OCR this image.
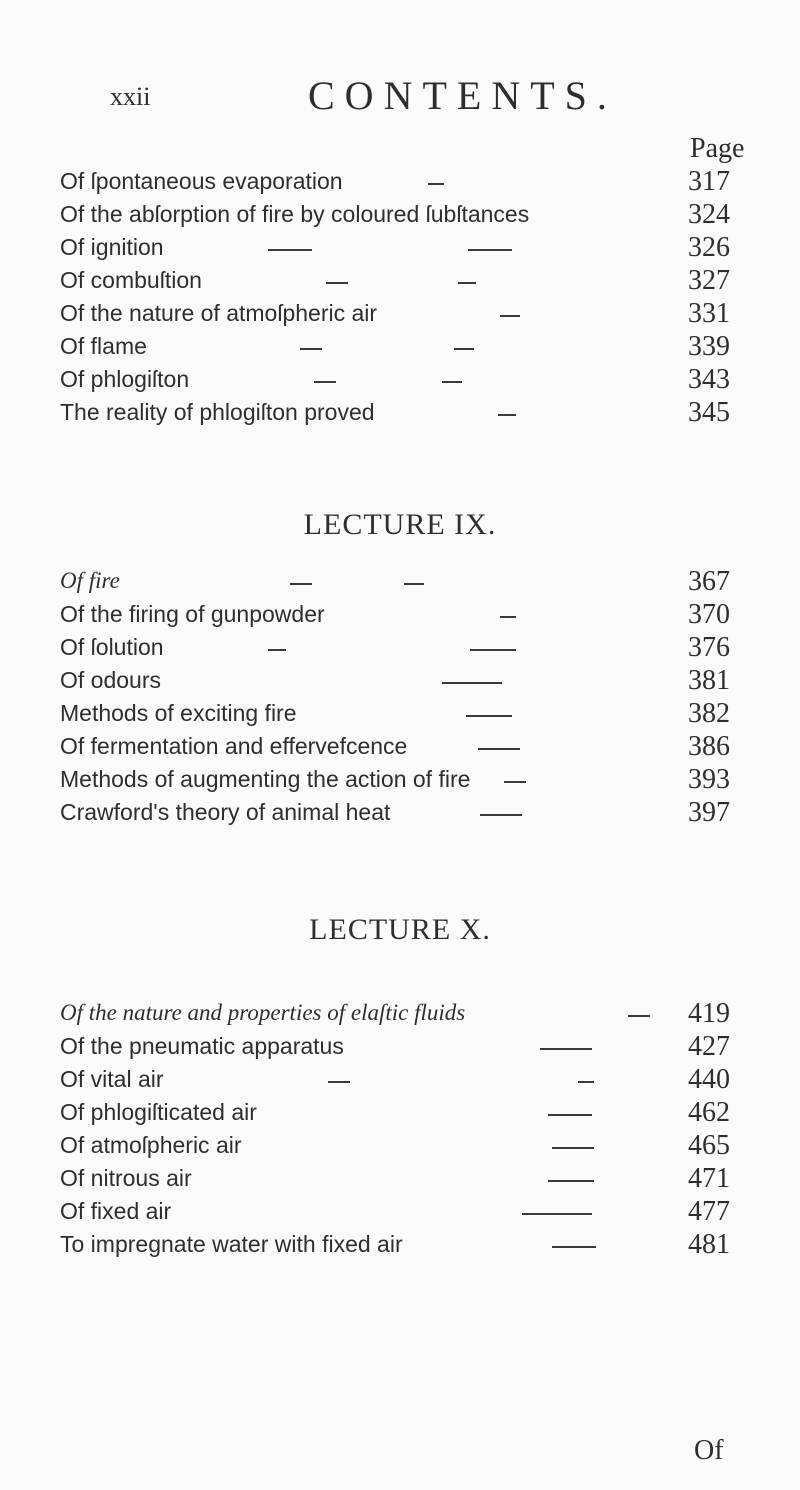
xxii	CONTENTS.
Page
Of ſpontaneous evaporation	317
Of the abſorption of fire by coloured ſubſtances	324
Of ignition	326
Of combuſtion	327
Of the nature of atmoſpheric air	331
Of flame	339
Of phlogiſton	343
The reality of phlogiſton proved	345
LECTURE IX.
Of fire	367
Of the firing of gunpowder	370
Of ſolution	376
Of odours	381
Methods of exciting fire	382
Of fermentation and effervefcence	386
Methods of augmenting the action of fire	393
Crawford's theory of animal heat	397
LECTURE X.
Of the nature and properties of elaſtic fluids	419
Of the pneumatic apparatus	427
Of vital air	440
Of phlogiſticated air	462
Of atmoſpheric air	465
Of nitrous air	471
Of fixed air	477
To impregnate water with fixed air	481
Of
